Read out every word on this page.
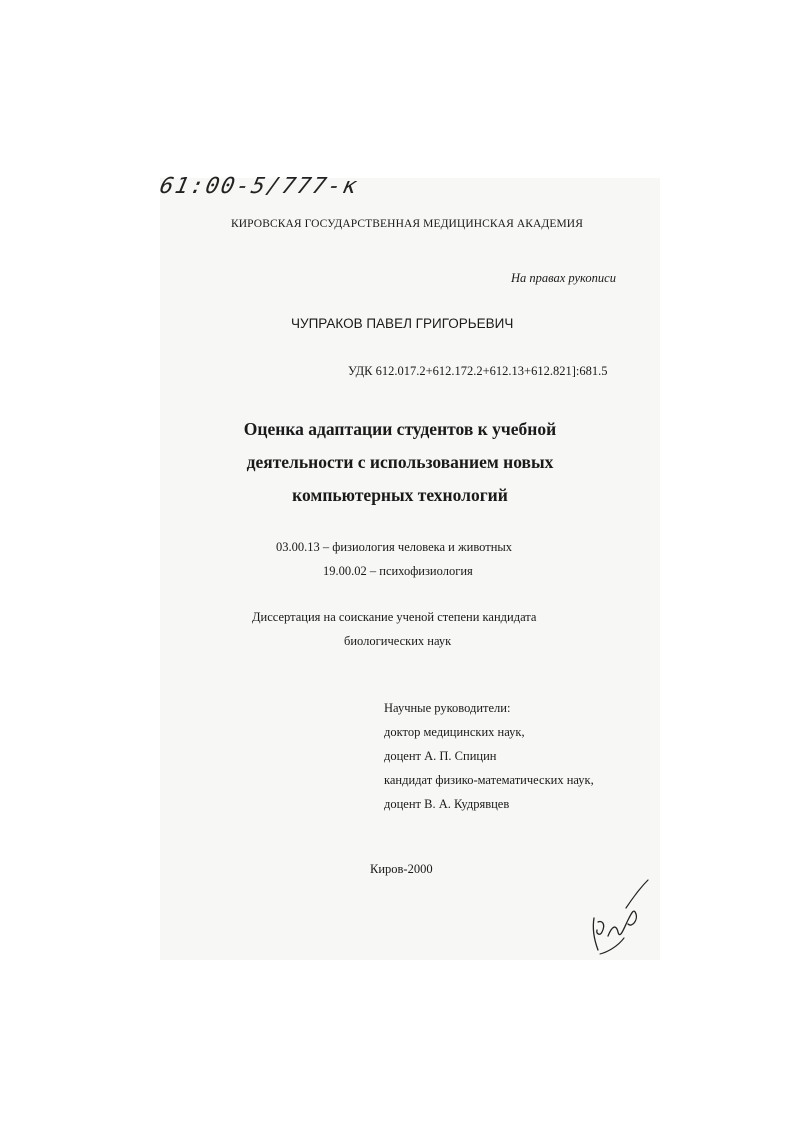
61:00-5/777-к
КИРОВСКАЯ ГОСУДАРСТВЕННАЯ МЕДИЦИНСКАЯ АКАДЕМИЯ
На правах рукописи
ЧУПРАКОВ ПАВЕЛ ГРИГОРЬЕВИЧ
УДК 612.017.2+612.172.2+612.13+612.821]:681.5
Оценка адаптации студентов к учебной
деятельности с использованием новых
компьютерных технологий
03.00.13 – физиология человека и животных
19.00.02 – психофизиология
Диссертация на соискание ученой степени кандидата
биологических наук
Научные руководители:
доктор медицинских наук,
доцент А. П. Спицин
кандидат физико-математических наук,
доцент В. А. Кудрявцев
Киров-2000
